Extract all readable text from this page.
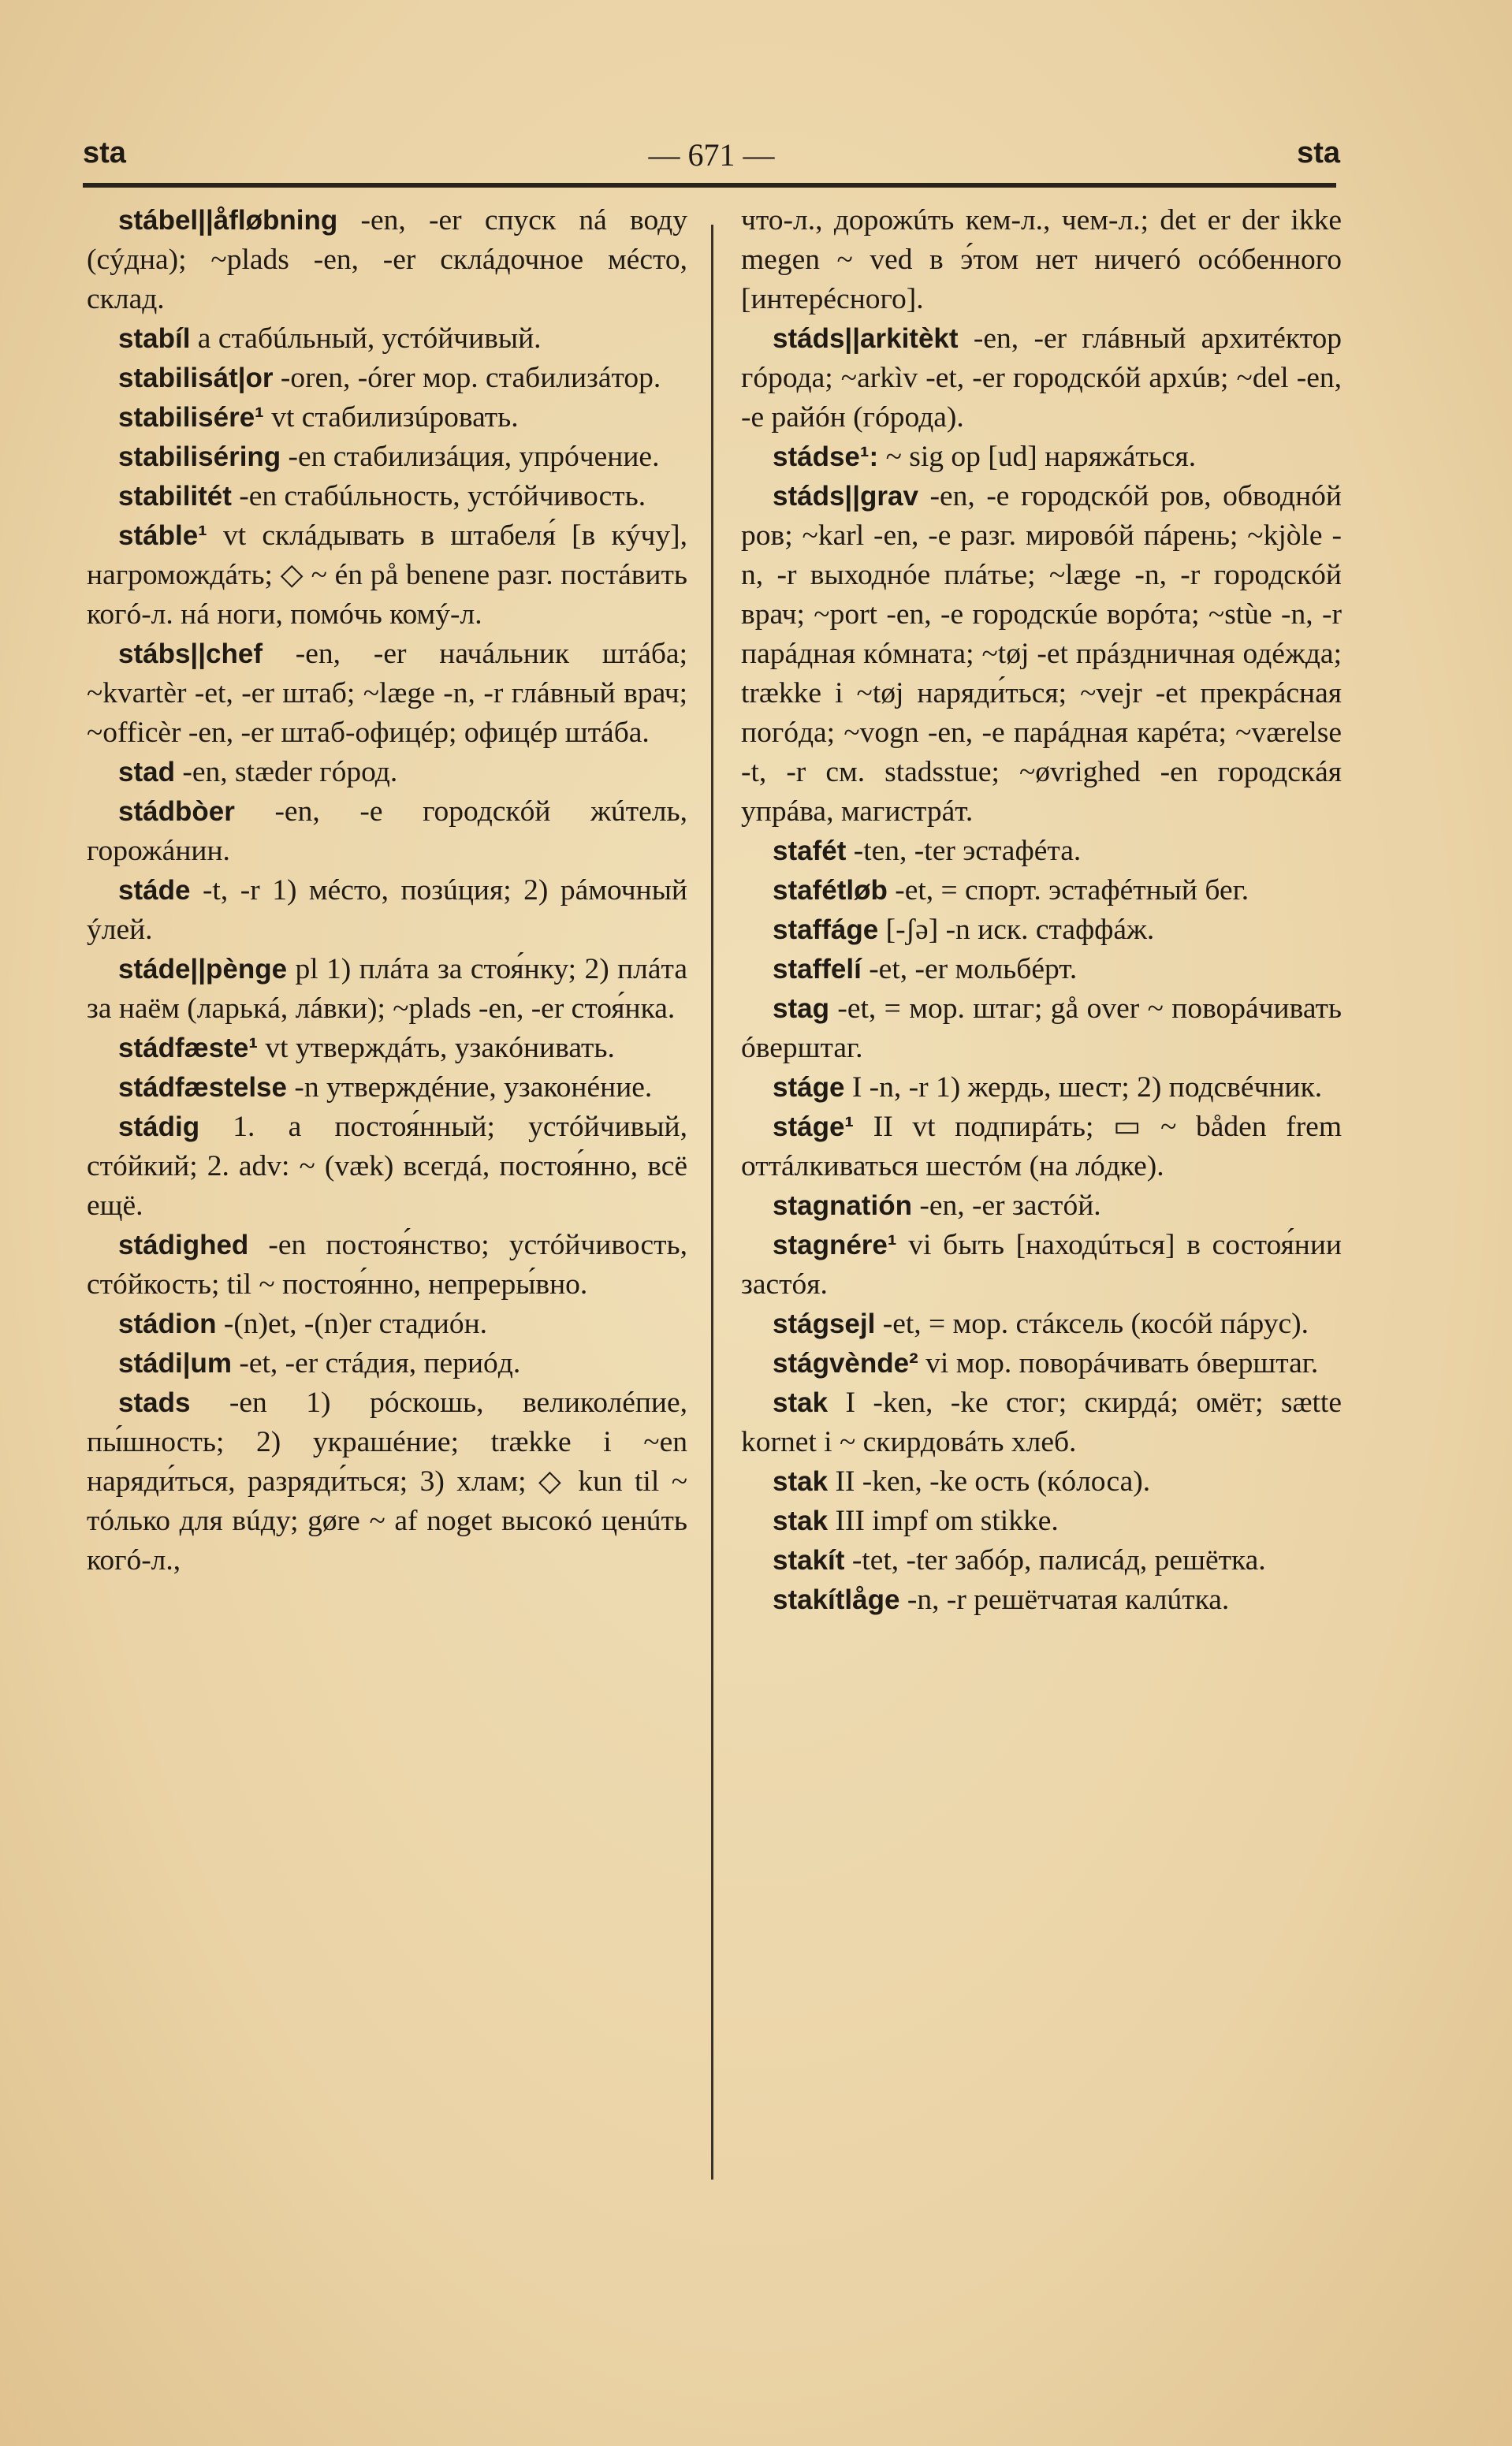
sta	— 671 —	sta

stábel||åfløbning -en, -er спуск ná воду (сýдна); ~plads -en, -er склáдочное мéсто, склад.

stabíl a стабúльный, устóйчивый.

stabilisát|or -oren, -órer мор. стабилизáтор.

stabilisére¹ vt стабилизúровать.

stabiliséring -en стабилизáция, упрóчение.

stabilitét -en стабúльность, устóйчивость.

stáble¹ vt склáдывать в штабеля́ [в кýчу], нагромождáть; ◇ ~ én på benene разг. постáвить когó-л. нá ноги, помóчь комý-л.

stábs||chef -en, -er начáльник штáба; ~kvartèr -et, -er штаб; ~læge -n, -r глáвный врач; ~officèr -en, -er штаб-офицéр; офицéр штáба.

stad -en, stæder гóрод.

stádbòer -en, -e городскóй жúтель, горожáнин.

stáde -t, -r 1) мéсто, позúция; 2) рáмочный ýлей.

stáde||pènge pl 1) плáта за стоя́нку; 2) плáта за наём (ларькá, лáвки); ~plads -en, -er стоя́нка.

stádfæste¹ vt утверждáть, узакóнивать.

stádfæstelse -n утверждéние, узаконéние.

stádig 1. a постоя́нный; устóйчивый, стóйкий; 2. adv: ~ (væk) всегдá, постоя́нно, всё ещё.

stádighed -en постоя́нство; устóйчивость, стóйкость; til ~ постоя́нно, непреры́вно.

stádion -(n)et, -(n)er стадиóн.

stádi|um -et, -er стáдия, периóд.

stads -en 1) рóскошь, великолéпие, пы́шность; 2) украшéние; trække i ~en наряди́ться, разряди́ться; 3) хлам; ◇ kun til ~ тóлько для вúду; gøre ~ af noget высокó ценúть когó-л.,

что-л., дорожúть кем-л., чем-л.; det er der ikke megen ~ ved в э́том нет ничегó осóбенного [интерéсного].

stáds||arkitèkt -en, -er глáвный архитéктор гóрода; ~arkìv -et, -er городскóй архúв; ~del -en, -e райóн (гóрода).

stádse¹: ~ sig op [ud] наряжáться.

stáds||grav -en, -e городскóй ров, обводнóй ров; ~karl -en, -e разг. мировóй пáрень; ~kjòle -n, -r выходнóе плáтье; ~læge -n, -r городскóй врач; ~port -en, -e городскúе ворóта; ~stùe -n, -r парáдная кóмната; ~tøj -et прáздничная одéжда; trække i ~tøj наряди́ться; ~vejr -et прекрáсная погóда; ~vogn -en, -e парáдная карéта; ~værelse -t, -r см. stadsstue; ~øvrighed -en городскáя упрáва, магистрáт.

stafét -ten, -ter эстафéта.

stafétløb -et, = спорт. эстафéтный бег.

staffáge [-ʃə] -n иск. стаффáж.

staffelí -et, -er мольбéрт.

stag -et, = мор. штаг; gå over ~ поворáчивать óверштаг.

stáge I -n, -r 1) жердь, шест; 2) подсвéчник.

stáge¹ II vt подпирáть; ▭ ~ båden frem оттáлкиваться шестóм (на лóдке).

stagnatión -en, -er застóй.

stagnére¹ vi быть [находúться] в состоя́нии застóя.

stágsejl -et, = мор. стáксель (косóй пáрус).

stágvènde² vi мор. поворáчивать óверштаг.

stak I -ken, -ke стог; скирдá; омёт; sætte kornet i ~ скирдовáть хлеб.

stak II -ken, -ke ость (кóлоса).

stak III impf om stikke.

stakít -tet, -ter забóр, палисáд, решётка.

stakítlåge -n, -r решётчатая калúтка.
